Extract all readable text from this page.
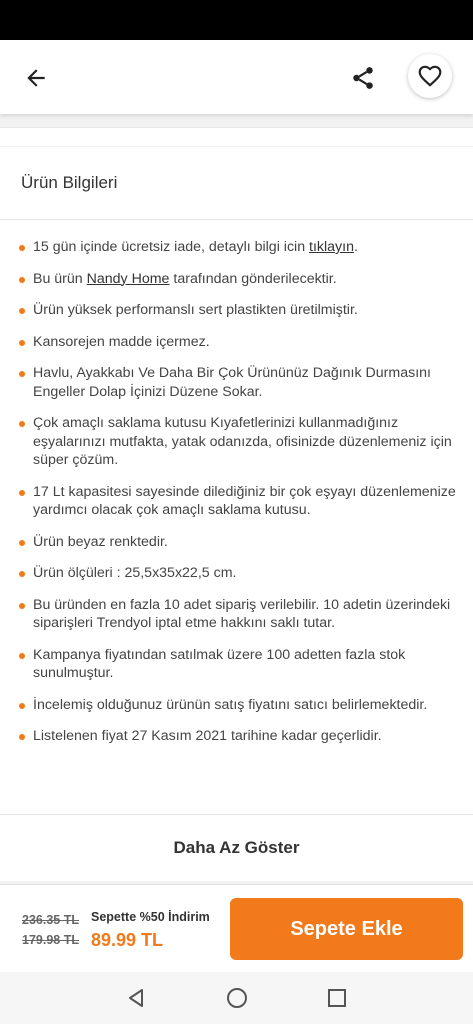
Ürün Bilgileri
15 gün içinde ücretsiz iade, detaylı bilgi icin tıklayın.
Bu ürün Nandy Home tarafından gönderilecektir.
Ürün yüksek performanslı sert plastikten üretilmiştir.
Kansorejen madde içermez.
Havlu, Ayakkabı Ve Daha Bir Çok Ürününüz Dağınık Durmasını Engeller Dolap İçinizi Düzene Sokar.
Çok amaçlı saklama kutusu Kıyafetlerinizi kullanmadığınız eşyalarınızı mutfakta, yatak odanızda, ofisinizde düzenlemeniz için süper çözüm.
17 Lt kapasitesi sayesinde dilediğiniz bir çok eşyayı düzenlemenize yardımcı olacak çok amaçlı saklama kutusu.
Ürün beyaz renktedir.
Ürün ölçüleri : 25,5x35x22,5 cm.
Bu üründen en fazla 10 adet sipariş verilebilir. 10 adetin üzerindeki siparişleri Trendyol iptal etme hakkını saklı tutar.
Kampanya fiyatından satılmak üzere 100 adetten fazla stok sunulmuştur.
İncelemiş olduğunuz ürünün satış fiyatını satıcı belirlemektedir.
Listelenen fiyat 27 Kasım 2021 tarihine kadar geçerlidir.
Daha Az Göster
236.35 TL
179.98 TL
Sepette %50 İndirim
89.99 TL
Sepete Ekle
